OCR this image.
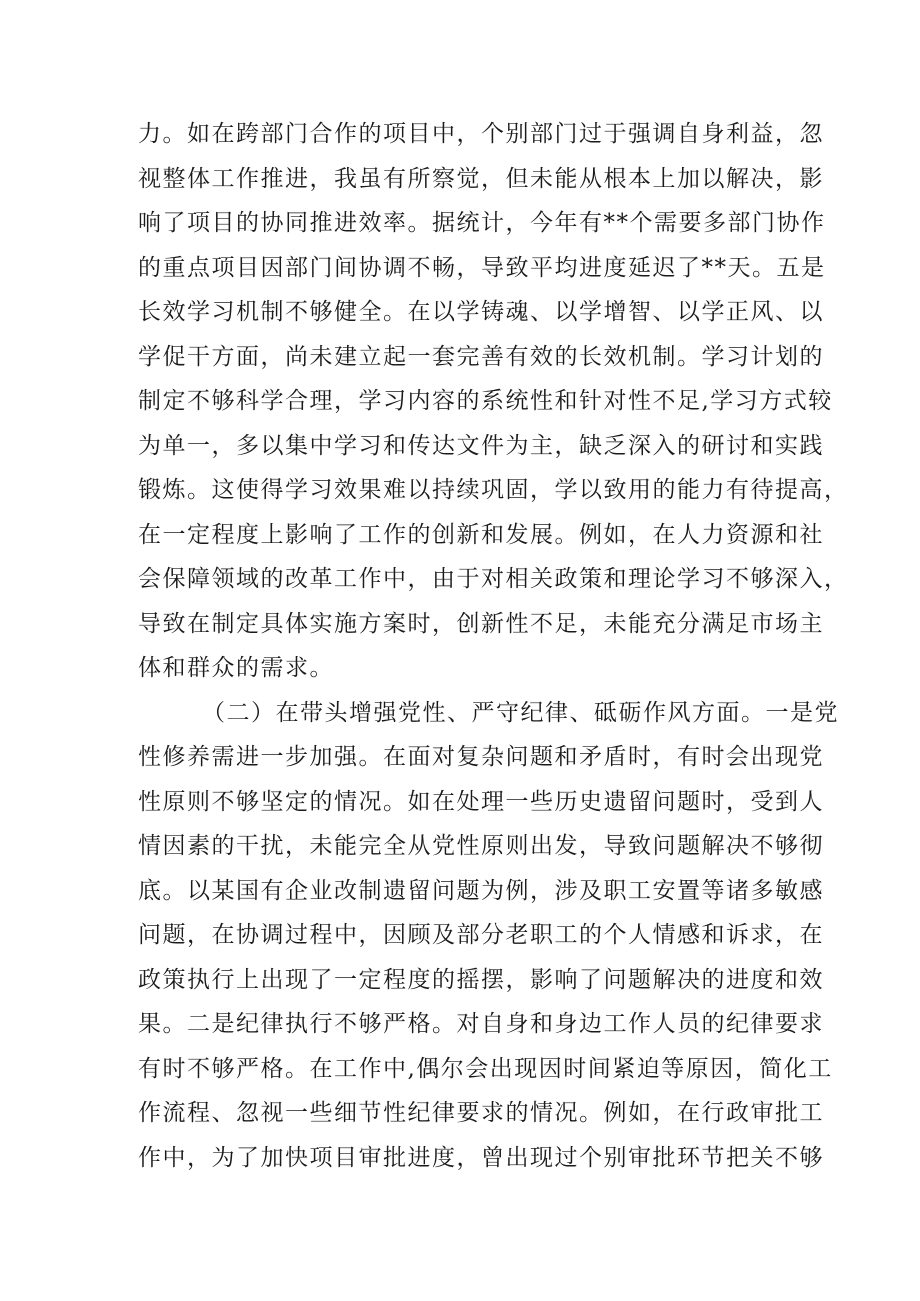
力。如在跨部门合作的项目中，个别部门过于强调自身利益，忽
视整体工作推进，我虽有所察觉，但未能从根本上加以解决，影
响了项目的协同推进效率。据统计，今年有**个需要多部门协作
的重点项目因部门间协调不畅，导致平均进度延迟了**天。五是
长效学习机制不够健全。在以学铸魂、以学增智、以学正风、以
学促干方面，尚未建立起一套完善有效的长效机制。学习计划的
制定不够科学合理，学习内容的系统性和针对性不足,学习方式较
为单一，多以集中学习和传达文件为主，缺乏深入的研讨和实践
锻炼。这使得学习效果难以持续巩固，学以致用的能力有待提高，
在一定程度上影响了工作的创新和发展。例如，在人力资源和社
会保障领域的改革工作中，由于对相关政策和理论学习不够深入，
导致在制定具体实施方案时，创新性不足，未能充分满足市场主
体和群众的需求。
（二）在带头增强党性、严守纪律、砥砺作风方面。一是党
性修养需进一步加强。在面对复杂问题和矛盾时，有时会出现党
性原则不够坚定的情况。如在处理一些历史遗留问题时，受到人
情因素的干扰，未能完全从党性原则出发，导致问题解决不够彻
底。以某国有企业改制遗留问题为例，涉及职工安置等诸多敏感
问题，在协调过程中，因顾及部分老职工的个人情感和诉求，在
政策执行上出现了一定程度的摇摆，影响了问题解决的进度和效
果。二是纪律执行不够严格。对自身和身边工作人员的纪律要求
有时不够严格。在工作中,偶尔会出现因时间紧迫等原因，简化工
作流程、忽视一些细节性纪律要求的情况。例如，在行政审批工
作中，为了加快项目审批进度，曾出现过个别审批环节把关不够
